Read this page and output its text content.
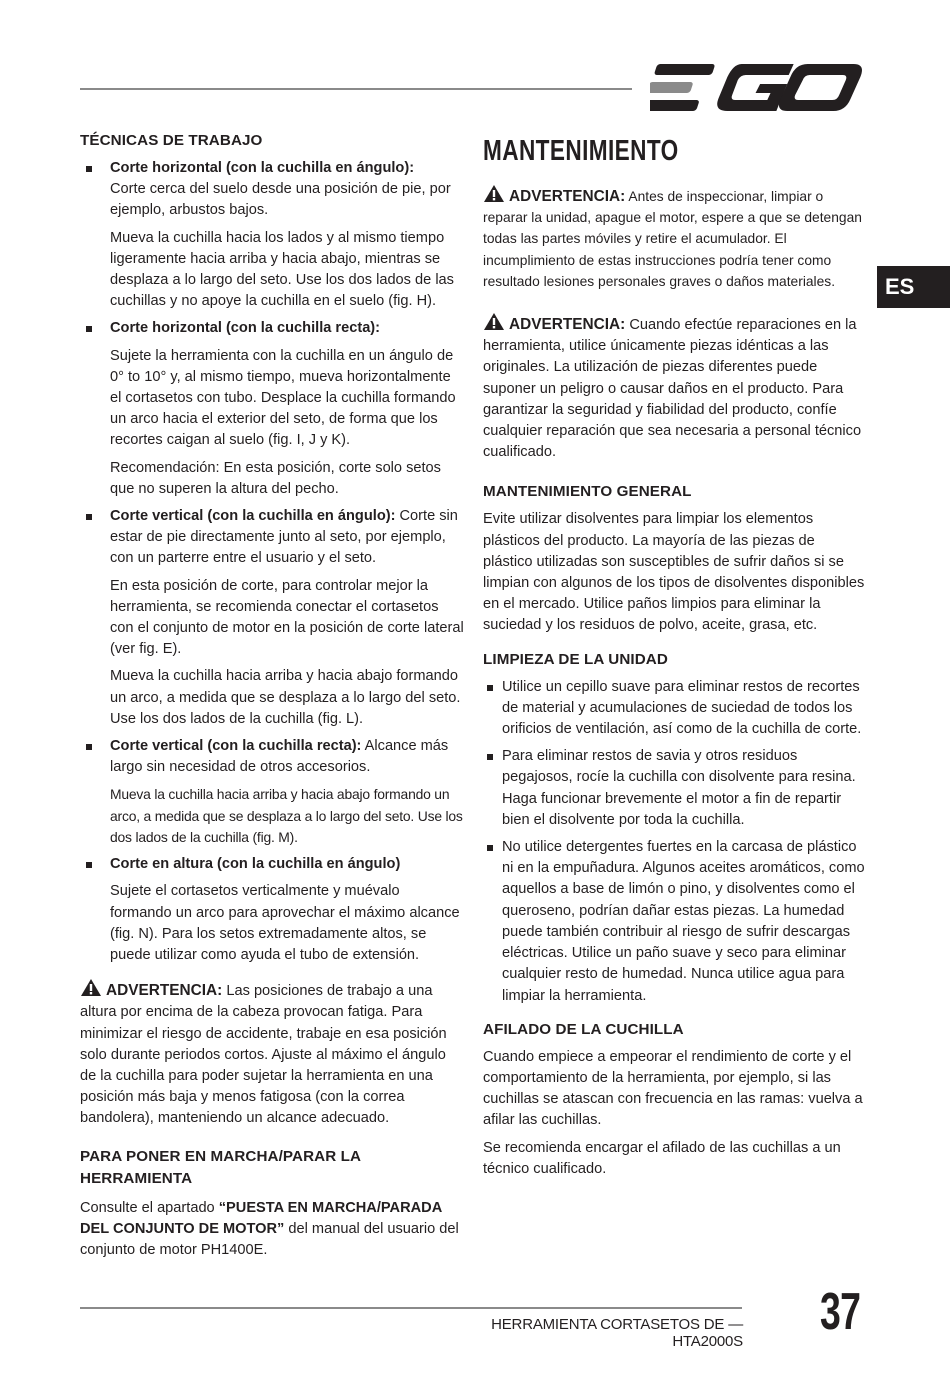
ES
TÉCNICAS DE TRABAJO
Corte horizontal (con la cuchilla en ángulo):
Corte cerca del suelo desde una posición de pie, por ejemplo, arbustos bajos.

Mueva la cuchilla hacia los lados y al mismo tiempo ligeramente hacia arriba y hacia abajo, mientras se desplaza a lo largo del seto. Use los dos lados de las cuchillas y no apoye la cuchilla en el suelo (fig. H).

Corte horizontal (con la cuchilla recta):

Sujete la herramienta con la cuchilla en un ángulo de 0° to 10° y, al mismo tiempo, mueva horizontalmente el cortasetos con tubo. Desplace la cuchilla formando un arco hacia el exterior del seto, de forma que los recortes caigan al suelo (fig. I, J y K).

Recomendación: En esta posición, corte solo setos que no superen la altura del pecho.

Corte vertical (con la cuchilla en ángulo): Corte sin estar de pie directamente junto al seto, por ejemplo, con un parterre entre el usuario y el seto.

En esta posición de corte, para controlar mejor la herramienta, se recomienda conectar el cortasetos con el conjunto de motor en la posición de corte lateral (ver fig. E).

Mueva la cuchilla hacia arriba y hacia abajo formando un arco, a medida que se desplaza a lo largo del seto. Use los dos lados de la cuchilla (fig. L).

Corte vertical (con la cuchilla recta): Alcance más largo sin necesidad de otros accesorios.

Mueva la cuchilla hacia arriba y hacia abajo formando un arco, a medida que se desplaza a lo largo del seto. Use los dos lados de la cuchilla (fig. M).

Corte en altura (con la cuchilla en ángulo)

Sujete el cortasetos verticalmente y muévalo formando un arco para aprovechar el máximo alcance (fig. N). Para los setos extremadamente altos, se puede utilizar como ayuda el tubo de extensión.

ADVERTENCIA: Las posiciones de trabajo a una altura por encima de la cabeza provocan fatiga. Para minimizar el riesgo de accidente, trabaje en esa posición solo durante periodos cortos. Ajuste al máximo el ángulo de la cuchilla para poder sujetar la herramienta en una posición más baja y menos fatigosa (con la correa bandolera), manteniendo un alcance adecuado.

PARA PONER EN MARCHA/PARAR LA HERRAMIENTA

Consulte el apartado “PUESTA EN MARCHA/PARADA DEL CONJUNTO DE MOTOR” del manual del usuario del conjunto de motor PH1400E.

MANTENIMIENTO

ADVERTENCIA: Antes de inspeccionar, limpiar o reparar la unidad, apague el motor, espere a que se detengan todas las partes móviles y retire el acumulador. El incumplimiento de estas instrucciones podría tener como resultado lesiones personales graves o daños materiales.

ADVERTENCIA: Cuando efectúe reparaciones en la herramienta, utilice únicamente piezas idénticas a las originales. La utilización de piezas diferentes puede suponer un peligro o causar daños en el producto. Para garantizar la seguridad y fiabilidad del producto, confíe cualquier reparación que sea necesaria a personal técnico cualificado.

MANTENIMIENTO GENERAL

Evite utilizar disolventes para limpiar los elementos plásticos del producto. La mayoría de las piezas de plástico utilizadas son susceptibles de sufrir daños si se limpian con algunos de los tipos de disolventes disponibles en el mercado. Utilice paños limpios para eliminar la suciedad y los residuos de polvo, aceite, grasa, etc.

LIMPIEZA DE LA UNIDAD
Utilice un cepillo suave para eliminar restos de recortes de material y acumulaciones de suciedad de todos los orificios de ventilación, así como de la cuchilla de corte.
Para eliminar restos de savia y otros residuos pegajosos, rocíe la cuchilla con disolvente para resina. Haga funcionar brevemente el motor a fin de repartir bien el disolvente por toda la cuchilla.
No utilice detergentes fuertes en la carcasa de plástico ni en la empuñadura. Algunos aceites aromáticos, como aquellos a base de limón o pino, y disolventes como el queroseno, podrían dañar estas piezas. La humedad puede también contribuir al riesgo de sufrir descargas eléctricas. Utilice un paño suave y seco para eliminar cualquier resto de humedad. Nunca utilice agua para limpiar la herramienta.
AFILADO DE LA CUCHILLA

Cuando empiece a empeorar el rendimiento de corte y el comportamiento de la herramienta, por ejemplo, si las cuchillas se atascan con frecuencia en las ramas: vuelva a afilar las cuchillas.

Se recomienda encargar el afilado de las cuchillas a un técnico cualificado.

HERRAMIENTA CORTASETOS DE — HTA2000S
37
